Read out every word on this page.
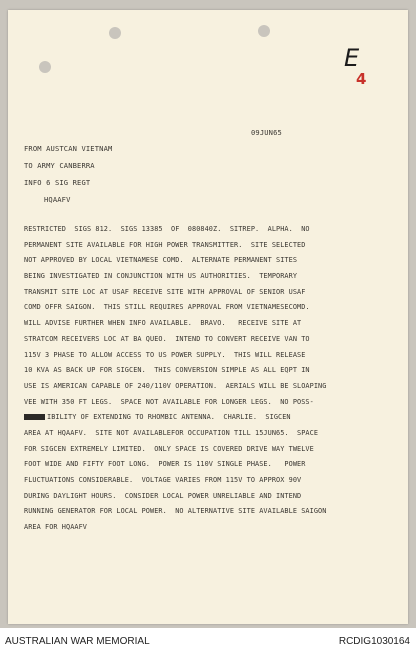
E
4
09JUN65
FROM AUSTCAN VIETNAM
TO ARMY CANBERRA
INFO 6 SIG REGT
HQAAFV
RESTRICTED  SIGS 812.  SIGS 13385  OF  080840Z.  SITREP.  ALPHA.  NO
PERMANENT SITE AVAILABLE FOR HIGH POWER TRANSMITTER.  SITE SELECTED
NOT APPROVED BY LOCAL VIETNAMESE COMD.  ALTERNATE PERMANENT SITES
BEING INVESTIGATED IN CONJUNCTION WITH US AUTHORITIES.  TEMPORARY
TRANSMIT SITE LOC AT USAF RECEIVE SITE WITH APPROVAL OF SENIOR USAF
COMD OFFR SAIGON.  THIS STILL REQUIRES APPROVAL FROM VIETNAMESECOMD.
WILL ADVISE FURTHER WHEN INFO AVAILABLE.  BRAVO.   RECEIVE SITE AT
STRATCOM RECEIVERS LOC AT BA QUEO.  INTEND TO CONVERT RECEIVE VAN TO
115V 3 PHASE TO ALLOW ACCESS TO US POWER SUPPLY.  THIS WILL RELEASE
10 KVA AS BACK UP FOR SIGCEN.  THIS CONVERSION SIMPLE AS ALL EQPT IN
USE IS AMERICAN CAPABLE OF 240/110V OPERATION.  AERIALS WILL BE SLOAPING
VEE WITH 350 FT LEGS.  SPACE NOT AVAILABLE FOR LONGER LEGS.  NO POSS-
IBILITY OF EXTENDING TO RHOMBIC ANTENNA.  CHARLIE.  SIGCEN
AREA AT HQAAFV.  SITE NOT AVAILABLEFOR OCCUPATION TILL 15JUN65.  SPACE
FOR SIGCEN EXTREMELY LIMITED.  ONLY SPACE IS COVERED DRIVE WAY TWELVE
FOOT WIDE AND FIFTY FOOT LONG.  POWER IS 110V SINGLE PHASE.   POWER
FLUCTUATIONS CONSIDERABLE.  VOLTAGE VARIES FROM 115V TO APPROX 90V
DURING DAYLIGHT HOURS.  CONSIDER LOCAL POWER UNRELIABLE AND INTEND
RUNNING GENERATOR FOR LOCAL POWER.  NO ALTERNATIVE SITE AVAILABLE SAIGON
AREA FOR HQAAFV
AUSTRALIAN WAR MEMORIAL	RCDIG1030164
